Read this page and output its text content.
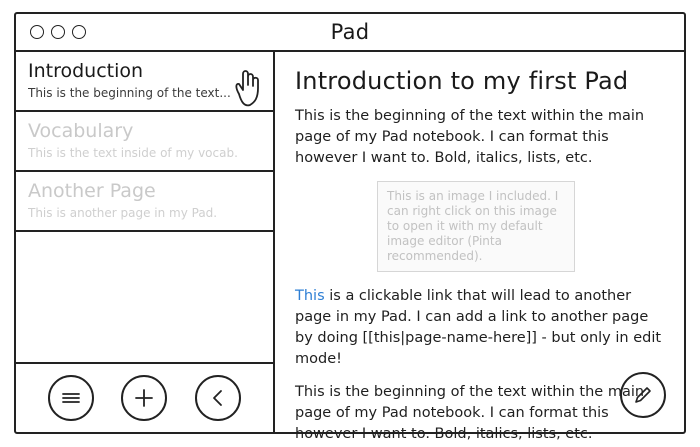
Pad
Introduction
This is the beginning of the text...
Vocabulary
This is the text inside of my vocab.
Another Page
This is another page in my Pad.
Introduction to my first Pad
This is the beginning of the text within the main page of my Pad notebook. I can format this however I want to. Bold, italics, lists, etc.
This is an image I included. I can right click on this image to open it with my default image editor (Pinta recommended).
This is a clickable link that will lead to another page in my Pad. I can add a link to another page by doing [[this|page-name-here]] - but only in edit mode!
This is the beginning of the text within the main page of my Pad notebook. I can format this however I want to. Bold, italics, lists, etc.
